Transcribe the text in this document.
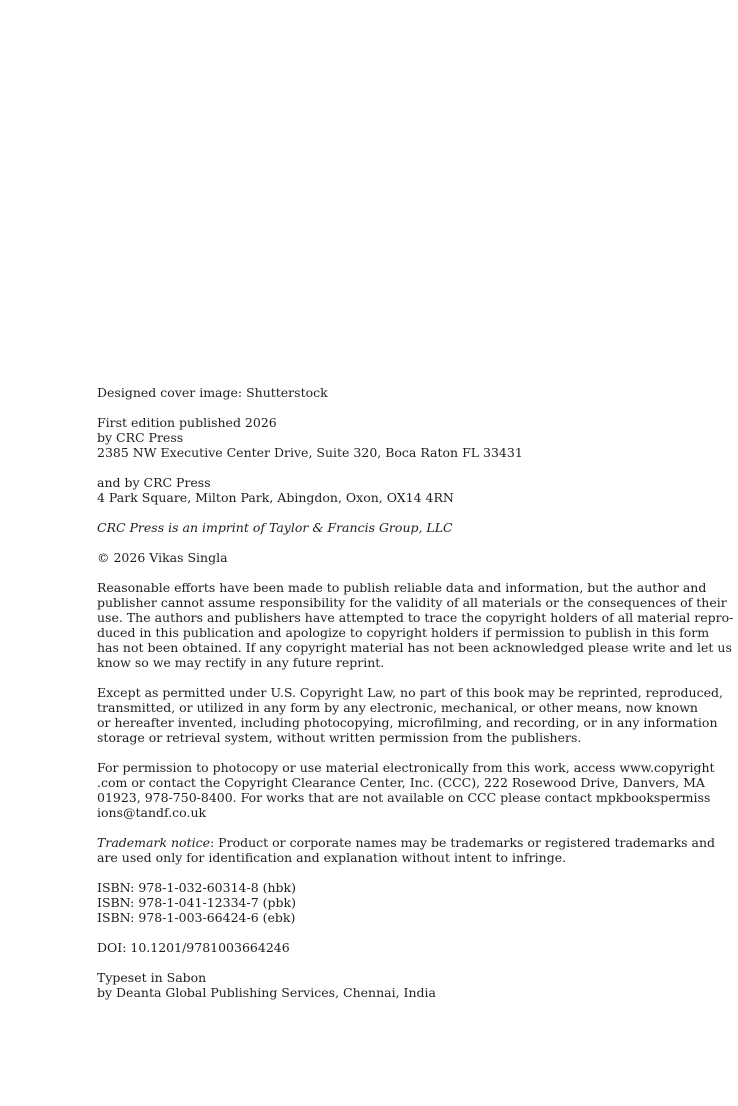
Designed cover image: Shutterstock
First edition published 2026
by CRC Press
2385 NW Executive Center Drive, Suite 320, Boca Raton FL 33431
and by CRC Press
4 Park Square, Milton Park, Abingdon, Oxon, OX14 4RN
CRC Press is an imprint of Taylor & Francis Group, LLC
© 2026 Vikas Singla
Reasonable efforts have been made to publish reliable data and information, but the author and
publisher cannot assume responsibility for the validity of all materials or the consequences of their
use. The authors and publishers have attempted to trace the copyright holders of all material repro-
duced in this publication and apologize to copyright holders if permission to publish in this form
has not been obtained. If any copyright material has not been acknowledged please write and let us
know so we may rectify in any future reprint.
Except as permitted under U.S. Copyright Law, no part of this book may be reprinted, reproduced,
transmitted, or utilized in any form by any electronic, mechanical, or other means, now known
or hereafter invented, including photocopying, microfilming, and recording, or in any information
storage or retrieval system, without written permission from the publishers.
For permission to photocopy or use material electronically from this work, access www.copyright
.com or contact the Copyright Clearance Center, Inc. (CCC), 222 Rosewood Drive, Danvers, MA
01923, 978-750-8400. For works that are not available on CCC please contact mpkbookspermiss
ions@tandf.co.uk
Trademark notice: Product or corporate names may be trademarks or registered trademarks and
are used only for identification and explanation without intent to infringe.
ISBN: 978-1-032-60314-8 (hbk)
ISBN: 978-1-041-12334-7 (pbk)
ISBN: 978-1-003-66424-6 (ebk)
DOI: 10.1201/9781003664246
Typeset in Sabon
by Deanta Global Publishing Services, Chennai, India
